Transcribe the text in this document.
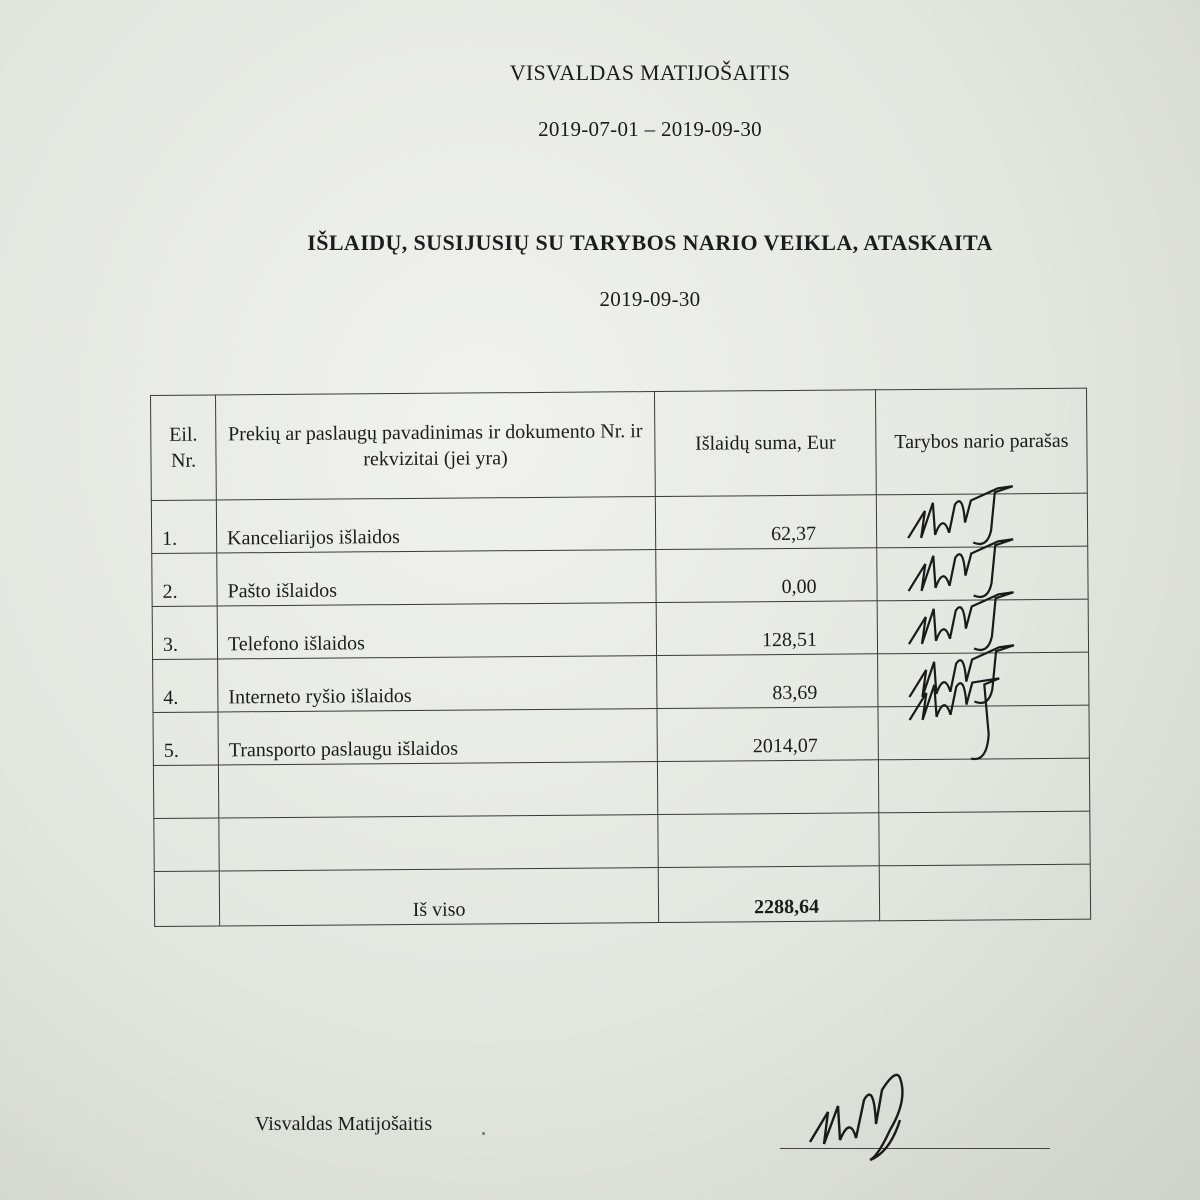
VISVALDAS MATIJOŠAITIS
2019-07-01 – 2019-09-30
IŠLAIDŲ, SUSIJUSIŲ SU TARYBOS NARIO VEIKLA, ATASKAITA
2019-09-30
Eil. Nr.	Prekių ar paslaugų pavadinimas ir dokumento Nr. ir rekvizitai (jei yra)	Išlaidų suma, Eur	Tarybos nario parašas
1.	Kanceliarijos išlaidos	62,37	

2.	Pašto išlaidos	0,00	

3.	Telefono išlaidos	128,51	

4.	Interneto ryšio išlaidos	83,69	

5.	Transporto paslaugu išlaidos	2014,07	

	Iš viso	2288,64	
Visvaldas Matijošaitis
